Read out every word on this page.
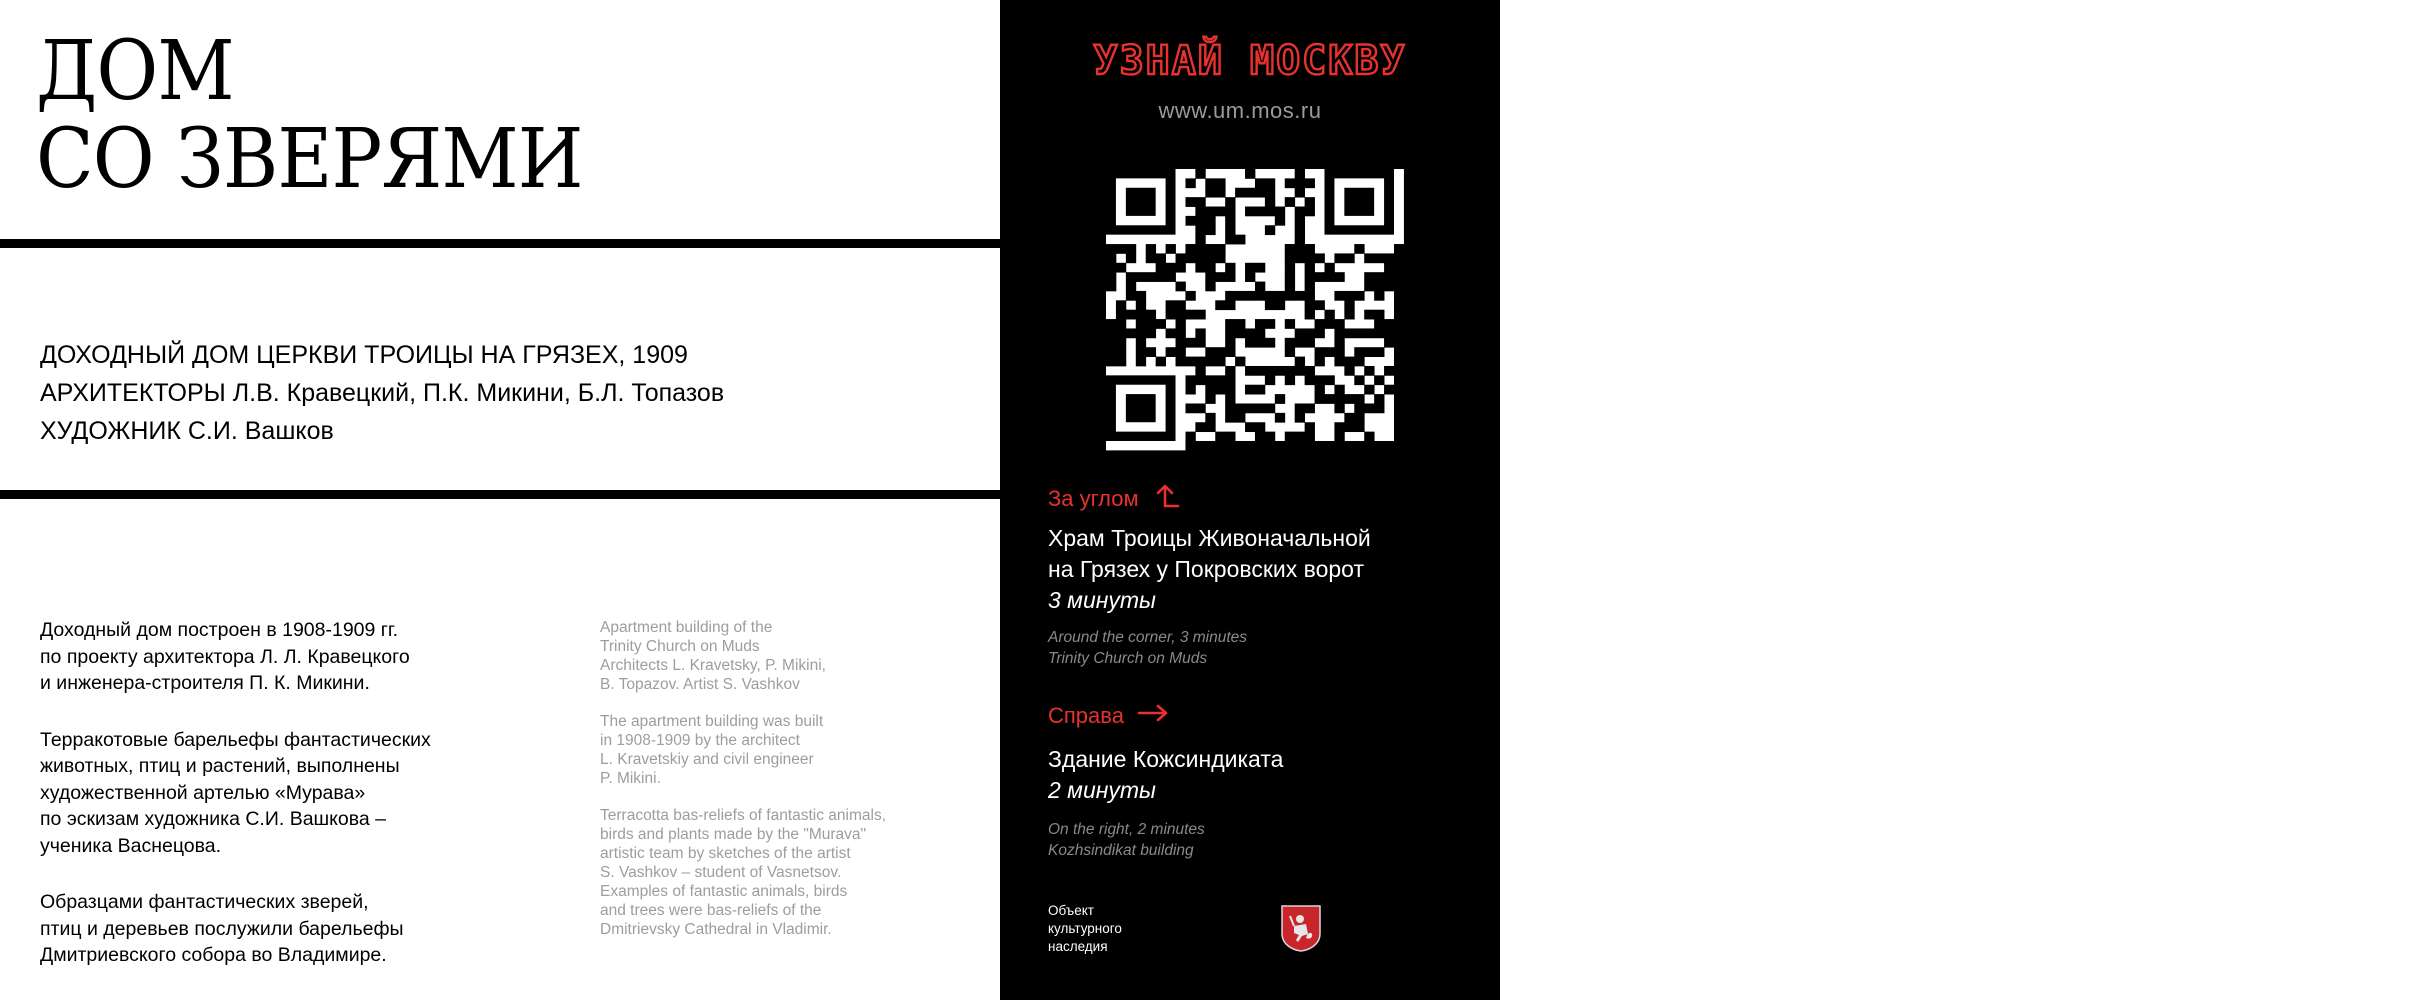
ДОМ
СО ЗВЕРЯМИ
ДОХОДНЫЙ ДОМ ЦЕРКВИ ТРОИЦЫ НА ГРЯЗЕХ, 1909
АРХИТЕКТОРЫ Л.В. Кравецкий, П.К. Микини, Б.Л. Топазов
ХУДОЖНИК С.И. Вашков

Доходный дом построен в 1908-1909 гг.
по проекту архитектора Л. Л. Кравецкого
и инженера-строителя П. К. Микини.

Терракотовые барельефы фантастических
животных, птиц и растений, выполнены
художественной артелью «Мурава»
по эскизам художника С.И. Вашкова –
ученика Васнецова.

Образцами фантастических зверей,
птиц и деревьев послужили барельефы
Дмитриевского собора во Владимире.

Apartment building of the
Trinity Church on Muds
Architects L. Kravetsky, P. Mikini,
B. Topazov. Artist S. Vashkov

The apartment building was built
in 1908-1909 by the architect
L. Kravetskiy and civil engineer
P. Mikini.

Terracotta bas-reliefs of fantastic animals,
birds and plants made by the "Murava"
artistic team by sketches of the artist
S. Vashkov – student of Vasnetsov.
Examples of fantastic animals, birds
and trees were bas-reliefs of the
Dmitrievsky Cathedral in Vladimir.

УЗНАЙ МОСКВУ
www.um.mos.ru
За углом
Храм Троицы Живоначальной
на Грязех у Покровских ворот
3 минуты
Around the corner, 3 minutes
Trinity Church on Muds
Справа
Здание Кожсиндиката
2 минуты
On the right, 2 minutes
Kozhsindikat building
Объект
культурного
наследия
При поддержке
Правительства
Москвы
